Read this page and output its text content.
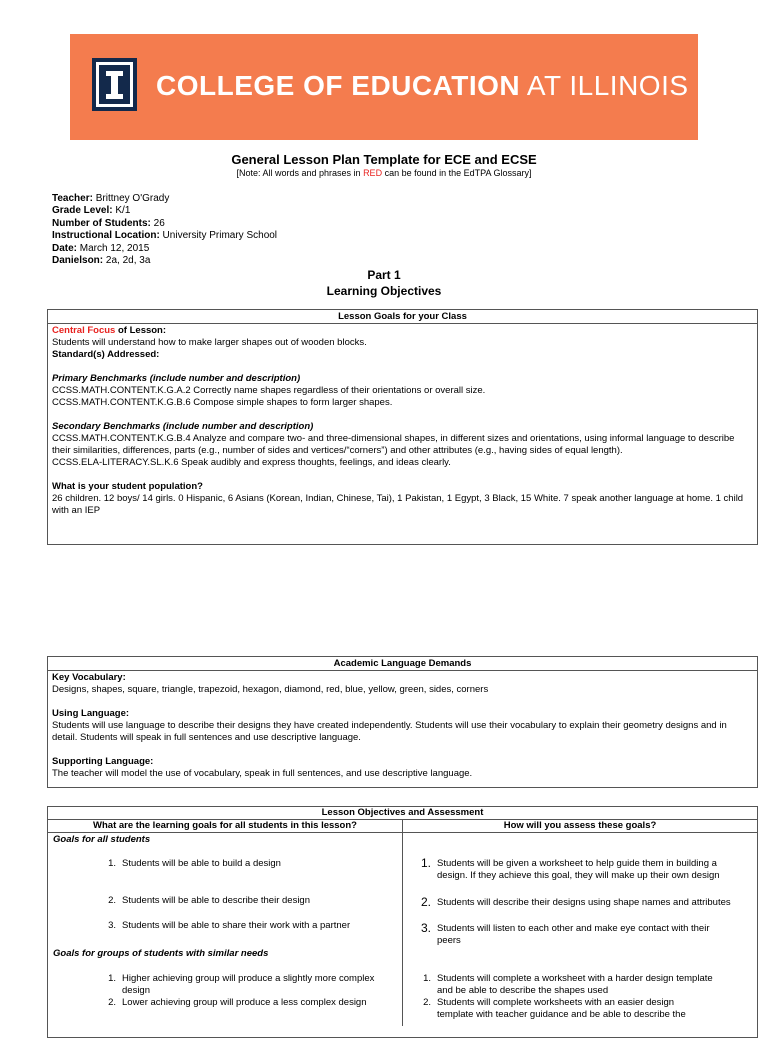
COLLEGE OF EDUCATION AT ILLINOIS
General Lesson Plan Template for ECE and ECSE
[Note: All words and phrases in RED can be found in the EdTPA Glossary]
Teacher: Brittney O'Grady
Grade Level: K/1
Number of Students: 26
Instructional Location: University Primary School
Date: March 12, 2015
Danielson: 2a, 2d, 3a
Part 1
Learning Objectives
Lesson Goals for your Class

Central Focus of Lesson:

Students will understand how to make larger shapes out of wooden blocks.

Standard(s) Addressed:

Primary Benchmarks (include number and description)

CCSS.MATH.CONTENT.K.G.A.2 Correctly name shapes regardless of their orientations or overall size.

CCSS.MATH.CONTENT.K.G.B.6 Compose simple shapes to form larger shapes.

Secondary Benchmarks (include number and description)

CCSS.MATH.CONTENT.K.G.B.4 Analyze and compare two- and three-dimensional shapes, in different sizes and orientations, using informal language to describe their similarities, differences, parts (e.g., number of sides and vertices/“corners”) and other attributes (e.g., having sides of equal length).

CCSS.ELA-LITERACY.SL.K.6 Speak audibly and express thoughts, feelings, and ideas clearly.

What is your student population?

26 children. 12 boys/ 14 girls. 0 Hispanic, 6 Asians (Korean, Indian, Chinese, Tai), 1 Pakistan, 1 Egypt, 3 Black, 15 White. 7 speak another language at home. 1 child with an IEP

Academic Language Demands

Key Vocabulary:

Designs, shapes, square, triangle, trapezoid, hexagon, diamond, red, blue, yellow, green, sides, corners

Using Language:

Students will use language to describe their designs they have created independently. Students will use their vocabulary to explain their geometry designs and in detail. Students will speak in full sentences and use descriptive language.

Supporting Language:

The teacher will model the use of vocabulary, speak in full sentences, and use descriptive language.

Lesson Objectives and Assessment
What are the learning goals for all students in this lesson?
Goals for all students
1. Students will be able to build a design
2. Students will be able to describe their design
3. Students will be able to share their work with a partner
Goals for groups of students with similar needs
1. Higher achieving group will produce a slightly more complex design
2. Lower achieving group will produce a less complex design
How will you assess these goals?
1. Students will be given a worksheet to help guide them in building a design. If they achieve this goal, they will make up their own design
2. Students will describe their designs using shape names and attributes
3. Students will listen to each other and make eye contact with their peers
1. Students will complete a worksheet with a harder design template and be able to describe the shapes used
2. Students will complete worksheets with an easier design template with teacher guidance and be able to describe the
